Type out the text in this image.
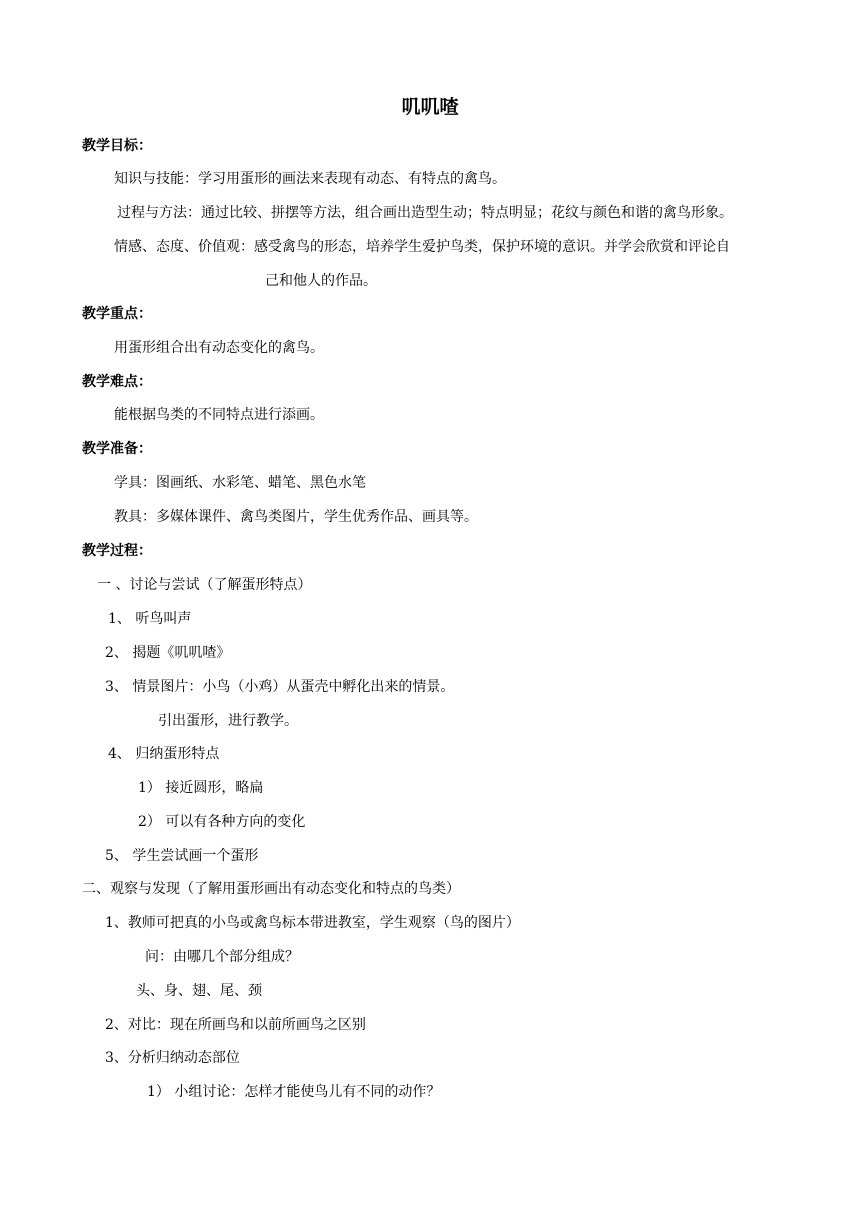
叽叽喳
教学目标：
知识与技能：学习用蛋形的画法来表现有动态、有特点的禽鸟。
过程与方法：通过比较、拼摆等方法，组合画出造型生动；特点明显；花纹与颜色和谐的禽鸟形象。
情感、态度、价值观：感受禽鸟的形态，培养学生爱护鸟类，保护环境的意识。并学会欣赏和评论自
己和他人的作品。
教学重点：
用蛋形组合出有动态变化的禽鸟。
教学难点：
能根据鸟类的不同特点进行添画。
教学准备：
学具：图画纸、水彩笔、蜡笔、黑色水笔
教具：多媒体课件、禽鸟类图片，学生优秀作品、画具等。
教学过程：
一 、讨论与尝试（了解蛋形特点）
1、 听鸟叫声
2、 揭题《叽叽喳》
3、 情景图片：小鸟（小鸡）从蛋壳中孵化出来的情景。
引出蛋形，进行教学。
4、 归纳蛋形特点
1） 接近圆形，略扁
2） 可以有各种方向的变化
5、 学生尝试画一个蛋形
二、观察与发现（了解用蛋形画出有动态变化和特点的鸟类）
1、教师可把真的小鸟或禽鸟标本带进教室，学生观察（鸟的图片）
问：由哪几个部分组成？
头、身、翅、尾、颈
2、对比：现在所画鸟和以前所画鸟之区别
3、分析归纳动态部位
1） 小组讨论：怎样才能使鸟儿有不同的动作？
